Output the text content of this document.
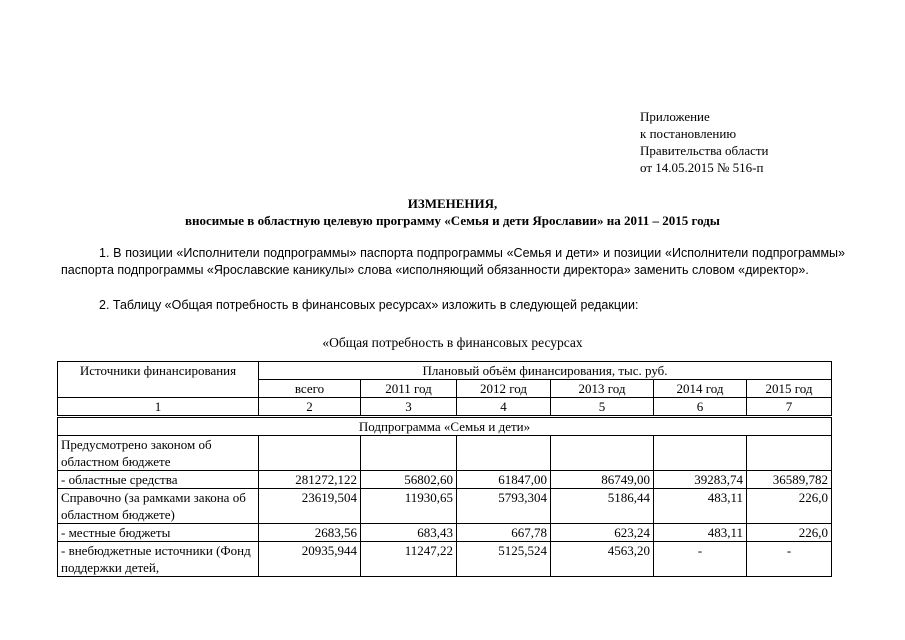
Приложение
к постановлению
Правительства области
от 14.05.2015 № 516-п
ИЗМЕНЕНИЯ,
вносимые в областную целевую программу «Семья и дети Ярославии» на 2011 – 2015 годы
1. В позиции «Исполнители подпрограммы» паспорта подпрограммы «Семья и дети» и позиции «Исполнители подпрограммы» паспорта подпрограммы «Ярославские каникулы» слова «исполняющий обязанности директора» заменить словом «директор».
2. Таблицу «Общая потребность в финансовых ресурсах» изложить в следующей редакции:
«Общая потребность в финансовых ресурсах
Источники финансирования	Плановый объём финансирования, тыс. руб.					
	всего	2011 год	2012 год	2013 год	2014 год	2015 год
1	2	3	4	5	6	7
Подпрограмма «Семья и дети»						
Предусмотрено законом об областном бюджете						
- областные средства	281272,122	56802,60	61847,00	86749,00	39283,74	36589,782
Справочно (за рамками закона об областном бюджете)	23619,504	11930,65	5793,304	5186,44	483,11	226,0
- местные бюджеты	2683,56	683,43	667,78	623,24	483,11	226,0
- внебюджетные источники (Фонд поддержки детей,	20935,944	11247,22	5125,524	4563,20	-	-
